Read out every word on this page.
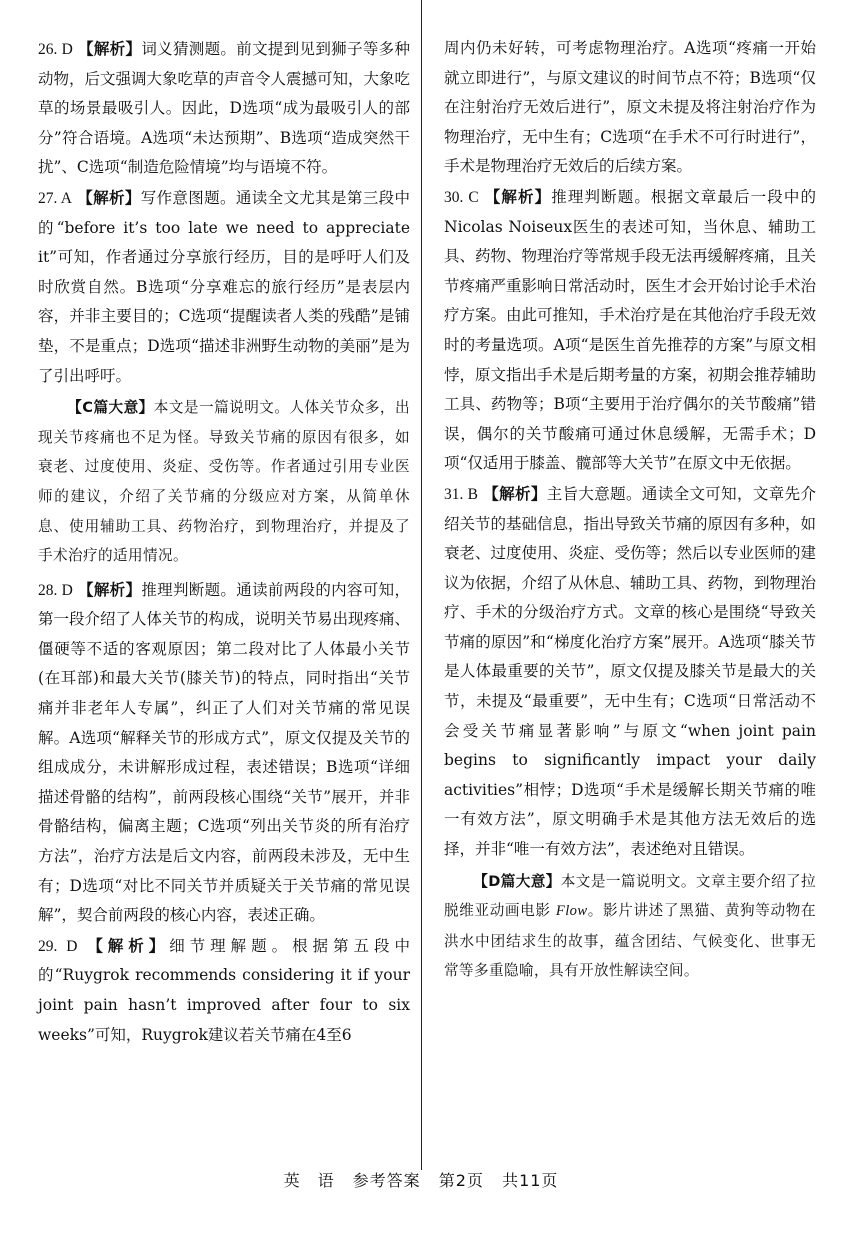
26. D 【解析】词义猜测题。前文提到见到狮子等多种动物，后文强调大象吃草的声音令人震撼可知，大象吃草的场景最吸引人。因此，D选项“成为最吸引人的部分”符合语境。A选项“未达预期”、B选项“造成突然干扰”、C选项“制造危险情境”均与语境不符。
27. A 【解析】写作意图题。通读全文尤其是第三段中的“before it’s too late we need to appreciate it”可知，作者通过分享旅行经历，目的是呼吁人们及时欣赏自然。B选项“分享难忘的旅行经历”是表层内容，并非主要目的；C选项“提醒读者人类的残酷”是铺垫，不是重点；D选项“描述非洲野生动物的美丽”是为了引出呼吁。
【C篇大意】本文是一篇说明文。人体关节众多，出现关节疼痛也不足为怪。导致关节痛的原因有很多，如衰老、过度使用、炎症、受伤等。作者通过引用专业医师的建议，介绍了关节痛的分级应对方案，从简单休息、使用辅助工具、药物治疗，到物理治疗，并提及了手术治疗的适用情况。
28. D 【解析】推理判断题。通读前两段的内容可知，第一段介绍了人体关节的构成，说明关节易出现疼痛、僵硬等不适的客观原因；第二段对比了人体最小关节(在耳部)和最大关节(膝关节)的特点，同时指出“关节痛并非老年人专属”，纠正了人们对关节痛的常见误解。A选项“解释关节的形成方式”，原文仅提及关节的组成成分，未讲解形成过程，表述错误；B选项“详细描述骨骼的结构”，前两段核心围绕“关节”展开，并非骨骼结构，偏离主题；C选项“列出关节炎的所有治疗方法”，治疗方法是后文内容，前两段未涉及，无中生有；D选项“对比不同关节并质疑关于关节痛的常见误解”，契合前两段的核心内容，表述正确。
29. D 【解析】细节理解题。根据第五段中的“Ruygrok recommends considering it if your joint pain hasn’t improved after four to six weeks”可知，Ruygrok建议若关节痛在4至6
周内仍未好转，可考虑物理治疗。A选项“疼痛一开始就立即进行”，与原文建议的时间节点不符；B选项“仅在注射治疗无效后进行”，原文未提及将注射治疗作为物理治疗，无中生有；C选项“在手术不可行时进行”，手术是物理治疗无效后的后续方案。
30. C 【解析】推理判断题。根据文章最后一段中的Nicolas Noiseux医生的表述可知，当休息、辅助工具、药物、物理治疗等常规手段无法再缓解疼痛，且关节疼痛严重影响日常活动时，医生才会开始讨论手术治疗方案。由此可推知，手术治疗是在其他治疗手段无效时的考量选项。A项“是医生首先推荐的方案”与原文相悖，原文指出手术是后期考量的方案，初期会推荐辅助工具、药物等；B项“主要用于治疗偶尔的关节酸痛”错误，偶尔的关节酸痛可通过休息缓解，无需手术；D项“仅适用于膝盖、髋部等大关节”在原文中无依据。
31. B 【解析】主旨大意题。通读全文可知，文章先介绍关节的基础信息，指出导致关节痛的原因有多种，如衰老、过度使用、炎症、受伤等；然后以专业医师的建议为依据，介绍了从休息、辅助工具、药物，到物理治疗、手术的分级治疗方式。文章的核心是围绕“导致关节痛的原因”和“梯度化治疗方案”展开。A选项“膝关节是人体最重要的关节”，原文仅提及膝关节是最大的关节，未提及“最重要”，无中生有；C选项“日常活动不会受关节痛显著影响”与原文“when joint pain begins to significantly impact your daily activities”相悖；D选项“手术是缓解长期关节痛的唯一有效方法”，原文明确手术是其他方法无效后的选择，并非“唯一有效方法”，表述绝对且错误。
【D篇大意】本文是一篇说明文。文章主要介绍了拉脱维亚动画电影 Flow。影片讲述了黑猫、黄狗等动物在洪水中团结求生的故事，蕴含团结、气候变化、世事无常等多重隐喻，具有开放性解读空间。
英　语 参考答案 第2页 共11页
